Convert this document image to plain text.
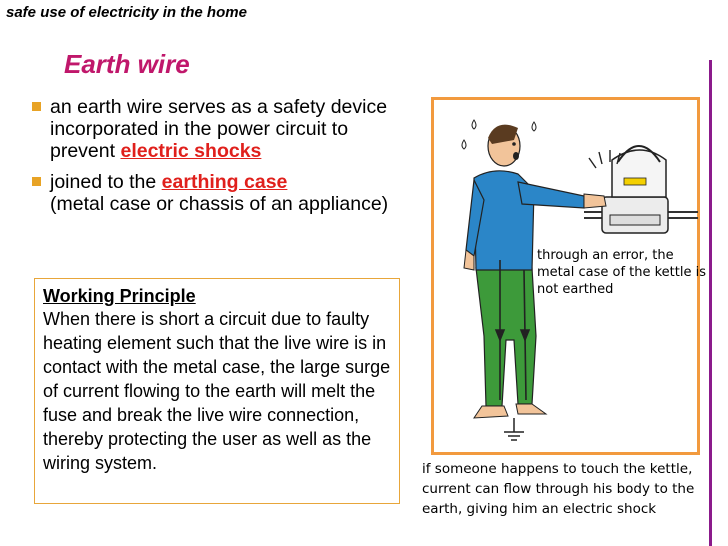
safe use of electricity in the home
Earth wire
an earth wire serves as a safety device incorporated in the power circuit to prevent electric shocks
joined to the earthing case
(metal case or chassis of an appliance)
Working Principle
When there is short a circuit due to faulty heating element such that the live wire is in contact with the metal case, the large surge of current flowing to the earth will melt the fuse and break the live wire connection, thereby protecting the user as well as the wiring system.
through an error, the metal case of the kettle is not earthed
if someone happens to touch the kettle, current can flow through his body to the earth, giving him an electric shock
